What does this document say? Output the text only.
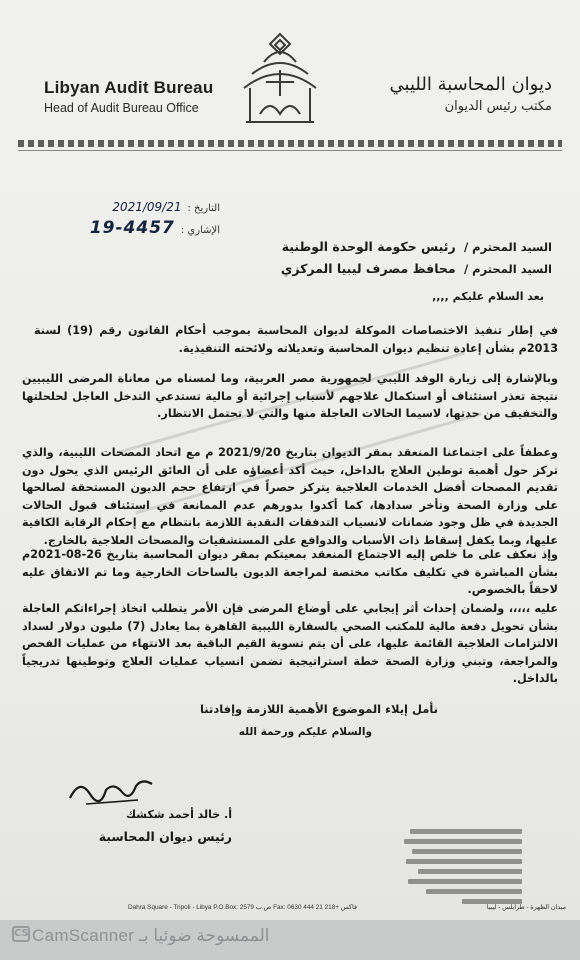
Libyan Audit Bureau
Head of Audit Bureau Office
ديوان المحاسبة الليبي
مكتب رئيس الديوان
التاريخ :
2021/09/21
الإشاري :
19-4457
السيد المحترم / رئيس حكومة الوحدة الوطنية
السيد المحترم / محافظ مصرف ليبيا المركزي
بعد السلام عليكم ,,,,

في إطار تنفيذ الاختصاصات الموكلة لديوان المحاسبة بموجب أحكام القانون رقم (19) لسنة 2013م بشأن إعادة تنظيم ديوان المحاسبة وتعديلاته ولائحته التنفيذية.

وبالإشارة إلى زيارة الوفد الليبي لجمهورية مصر العربية، وما لمسناه من معاناة المرضى الليبيين نتيجة تعذر استئناف أو استكمال علاجهم لأسباب إجرائية أو مالية تستدعي التدخل العاجل لحلحلتها والتخفيف من حدتها، لاسيما الحالات العاجلة منها والتي لا تحتمل الانتظار.

وعطفاً على اجتماعنا المنعقد بمقر الديوان بتاريخ 2021/9/20 م مع اتحاد المصحات الليبية، والذي تركز حول أهمية توطين العلاج بالداخل، حيث أكد أعضاؤه على أن العائق الرئيس الذي يحول دون تقديم المصحات أفضل الخدمات العلاجية يتركز حصراً في ارتفاع حجم الديون المستحقة لصالحها على وزارة الصحة وتأخر سدادها، كما أكدوا بدورهم عدم الممانعة في استئناف قبول الحالات الجديدة في ظل وجود ضمانات لانسياب التدفقات النقدية اللازمة بانتظام مع إحكام الرقابة الكافية عليها، وبما يكفل إسقاط ذات الأسباب والدوافع على المستشفيات والمصحات العلاجية بالخارج.

وإذ نعكف على ما خلص إليه الاجتماع المنعقد بمعيتكم بمقر ديوان المحاسبة بتاريخ 26-08-2021م بشأن المباشرة في تكليف مكاتب مختصة لمراجعة الديون بالساحات الخارجية وما تم الاتفاق عليه لاحقاً بالخصوص.

عليه ،،،،، ولضمان إحداث أثر إيجابي على أوضاع المرضى فإن الأمر يتطلب اتخاذ إجراءاتكم العاجلة بشأن تحويل دفعة مالية للمكتب الصحي بالسفارة الليبية القاهرة بما يعادل (7) مليون دولار لسداد الالتزامات العلاجية القائمة عليها، على أن يتم تسوية القيم الباقية بعد الانتهاء من عمليات الفحص والمراجعة، وتبني وزارة الصحة خطة استراتيجية تضمن انسياب عمليات العلاج وتوطينها تدريجياً بالداخل.

نأمل إيلاء الموضوع الأهمية اللازمة وإفادتنا
والسلام عليكم ورحمة الله
أ. خالد أحمد شكشك
رئيس ديوان المحاسبة
Dahra Square - Tripoli - Libya P.O.Box: 2579 ص.ب Fax: فاكس +218 21 444 0630	ميدان الظهرة - طرابلس - ليبيا
CS الممسوحة ضوئيا بـ CamScanner
